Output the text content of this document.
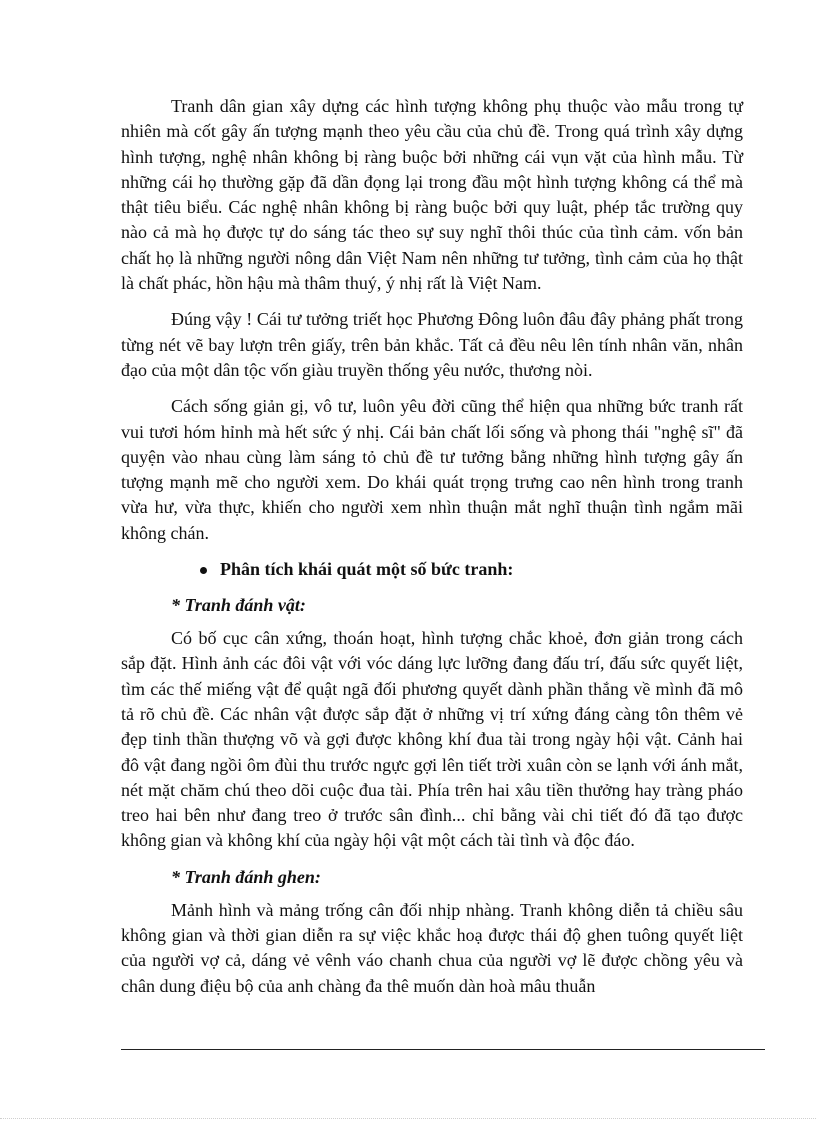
Tranh dân gian xây dựng các hình tượng không phụ thuộc vào mẫu trong tự nhiên mà cốt gây ấn tượng mạnh theo yêu cầu của chủ đề. Trong quá trình xây dựng hình tượng, nghệ nhân không bị ràng buộc bởi những cái vụn vặt của hình mẫu. Từ những cái họ thường gặp đã dần đọng lại trong đầu một hình tượng không cá thể mà thật tiêu biểu. Các nghệ nhân không bị ràng buộc bởi quy luật, phép tắc trường quy nào cả mà họ được tự do sáng tác theo sự suy nghĩ thôi thúc của tình cảm. vốn bản chất họ là những người nông dân Việt Nam nên những tư tưởng, tình cảm của họ thật là chất phác, hồn hậu mà thâm thuý, ý nhị rất là Việt Nam.

Đúng vậy ! Cái tư tưởng triết học Phương Đông luôn đâu đây phảng phất trong từng nét vẽ bay lượn trên giấy, trên bản khắc. Tất cả đều nêu lên tính nhân văn, nhân đạo của một dân tộc vốn giàu truyền thống yêu nước, thương nòi.

Cách sống giản gị, vô tư, luôn yêu đời cũng thể hiện qua những bức tranh rất vui tươi hóm hỉnh mà hết sức ý nhị. Cái bản chất lối sống và phong thái "nghệ sĩ" đã quyện vào nhau cùng làm sáng tỏ chủ đề tư tưởng bằng những hình tượng gây ấn tượng mạnh mẽ cho người xem. Do khái quát trọng trưng cao nên hình trong tranh vừa hư, vừa thực, khiến cho người xem nhìn thuận mắt nghĩ thuận tình ngắm mãi không chán.

Phân tích khái quát một số bức tranh:
* Tranh đánh vật:

Có bố cục cân xứng, thoán hoạt, hình tượng chắc khoẻ, đơn giản trong cách sắp đặt. Hình ảnh các đôi vật với vóc dáng lực lưỡng đang đấu trí, đấu sức quyết liệt, tìm các thế miếng vật để quật ngã đối phương quyết dành phần thắng về mình đã mô tả rõ chủ đề. Các nhân vật được sắp đặt ở những vị trí xứng đáng càng tôn thêm vẻ đẹp tinh thần thượng võ và gợi được không khí đua tài trong ngày hội vật. Cảnh hai đô vật đang ngồi ôm đùi thu trước ngực gợi lên tiết trời xuân còn se lạnh với ánh mắt, nét mặt chăm chú theo dõi cuộc đua tài. Phía trên hai xâu tiền thưởng hay tràng pháo treo hai bên như đang treo ở trước sân đình... chỉ bằng vài chi tiết đó đã tạo được không gian và không khí của ngày hội vật một cách tài tình và độc đáo.

* Tranh đánh ghen:

Mảnh hình và mảng trống cân đối nhịp nhàng. Tranh không diễn tả chiều sâu không gian và thời gian diễn ra sự việc khắc hoạ được thái độ ghen tuông quyết liệt của người vợ cả, dáng vẻ vênh váo chanh chua của người vợ lẽ được chồng yêu và chân dung điệu bộ của anh chàng đa thê muốn dàn hoà mâu thuẫn
